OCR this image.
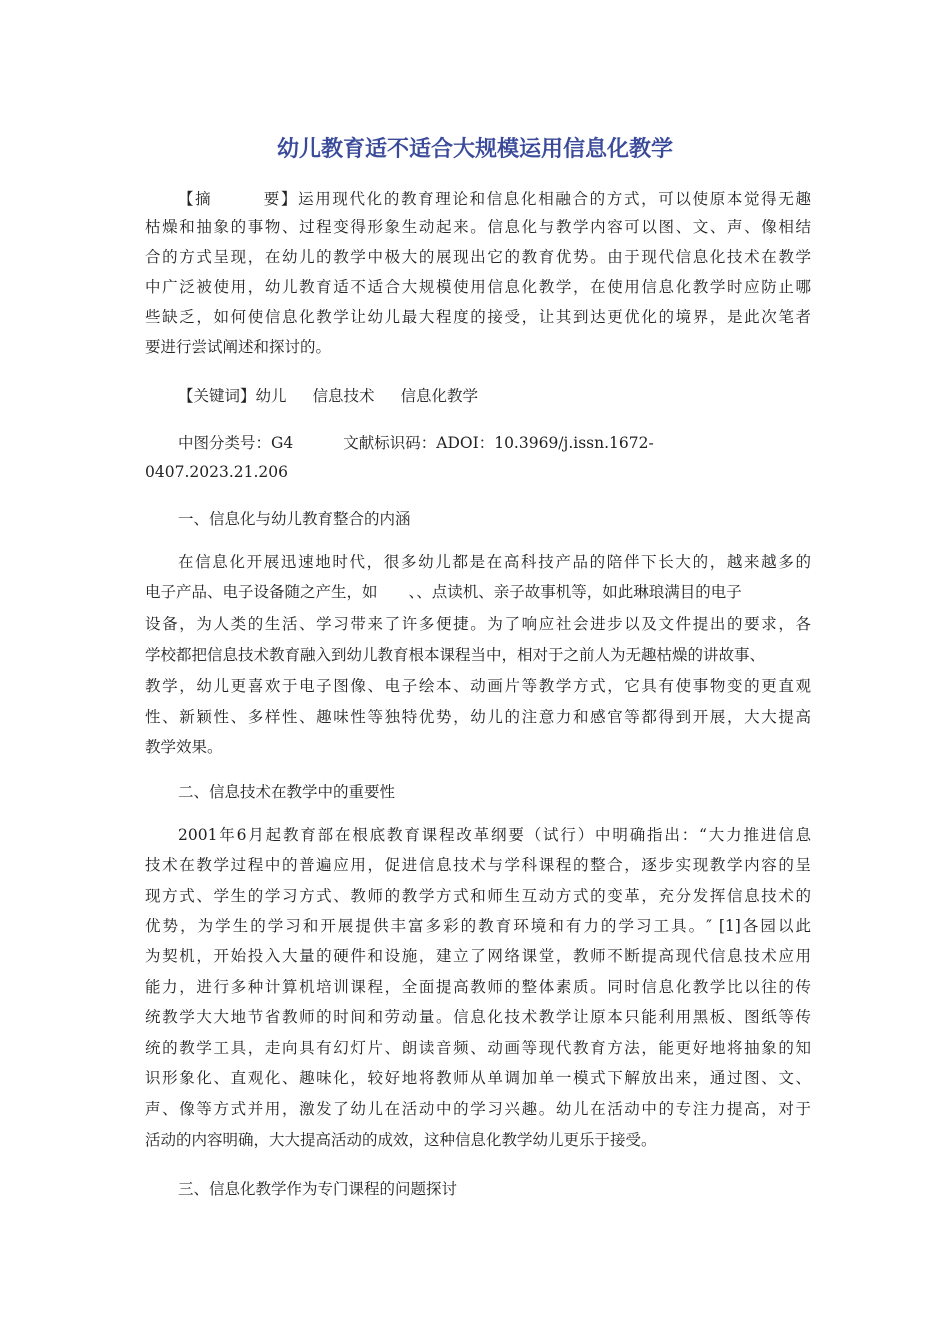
幼儿教育适不适合大规模运用信息化教学
【摘　　　要】运用现代化的教育理论和信息化相融合的方式，可以使原本觉得无趣
枯燥和抽象的事物、过程变得形象生动起来。信息化与教学内容可以图、文、声、像相结
合的方式呈现，在幼儿的教学中极大的展现出它的教育优势。由于现代信息化技术在教学
中广泛被使用，幼儿教育适不适合大规模使用信息化教学，在使用信息化教学时应防止哪
些缺乏，如何使信息化教学让幼儿最大程度的接受，让其到达更优化的境界，是此次笔者
要进行尝试阐述和探讨的。
【关键词】幼儿 信息技术 信息化教学
中图分类号：G4	文献标识码：ADOI：10.3969/j.issn.1672-
0407.2023.21.206
一、信息化与幼儿教育整合的内涵
在信息化开展迅速地时代，很多幼儿都是在高科技产品的陪伴下长大的，越来越多的
电子产品、电子设备随之产生，如　　、、点读机、亲子故事机等，如此琳琅满目的电子
设备，为人类的生活、学习带来了许多便捷。为了响应社会进步以及文件提出的要求，各
学校都把信息技术教育融入到幼儿教育根本课程当中，相对于之前人为无趣枯燥的讲故事、
教学，幼儿更喜欢于电子图像、电子绘本、动画片等教学方式，它具有使事物变的更直观
性、新颖性、多样性、趣味性等独特优势，幼儿的注意力和感官等都得到开展，大大提高
教学效果。
二、信息技术在教学中的重要性
2001年6月起教育部在根底教育课程改革纲要（试行）中明确指出：“大力推进信息
技术在教学过程中的普遍应用，促进信息技术与学科课程的整合，逐步实现教学内容的呈
现方式、学生的学习方式、教师的教学方式和师生互动方式的变革，充分发挥信息技术的
优势，为学生的学习和开展提供丰富多彩的教育环境和有力的学习工具。″ [1]各园以此
为契机，开始投入大量的硬件和设施，建立了网络课堂，教师不断提高现代信息技术应用
能力，进行多种计算机培训课程，全面提高教师的整体素质。同时信息化教学比以往的传
统教学大大地节省教师的时间和劳动量。信息化技术教学让原本只能利用黑板、图纸等传
统的教学工具，走向具有幻灯片、朗读音频、动画等现代教育方法，能更好地将抽象的知
识形象化、直观化、趣味化，较好地将教师从单调加单一模式下解放出来，通过图、文、
声、像等方式并用，激发了幼儿在活动中的学习兴趣。幼儿在活动中的专注力提高，对于
活动的内容明确，大大提高活动的成效，这种信息化教学幼儿更乐于接受。
三、信息化教学作为专门课程的问题探讨
